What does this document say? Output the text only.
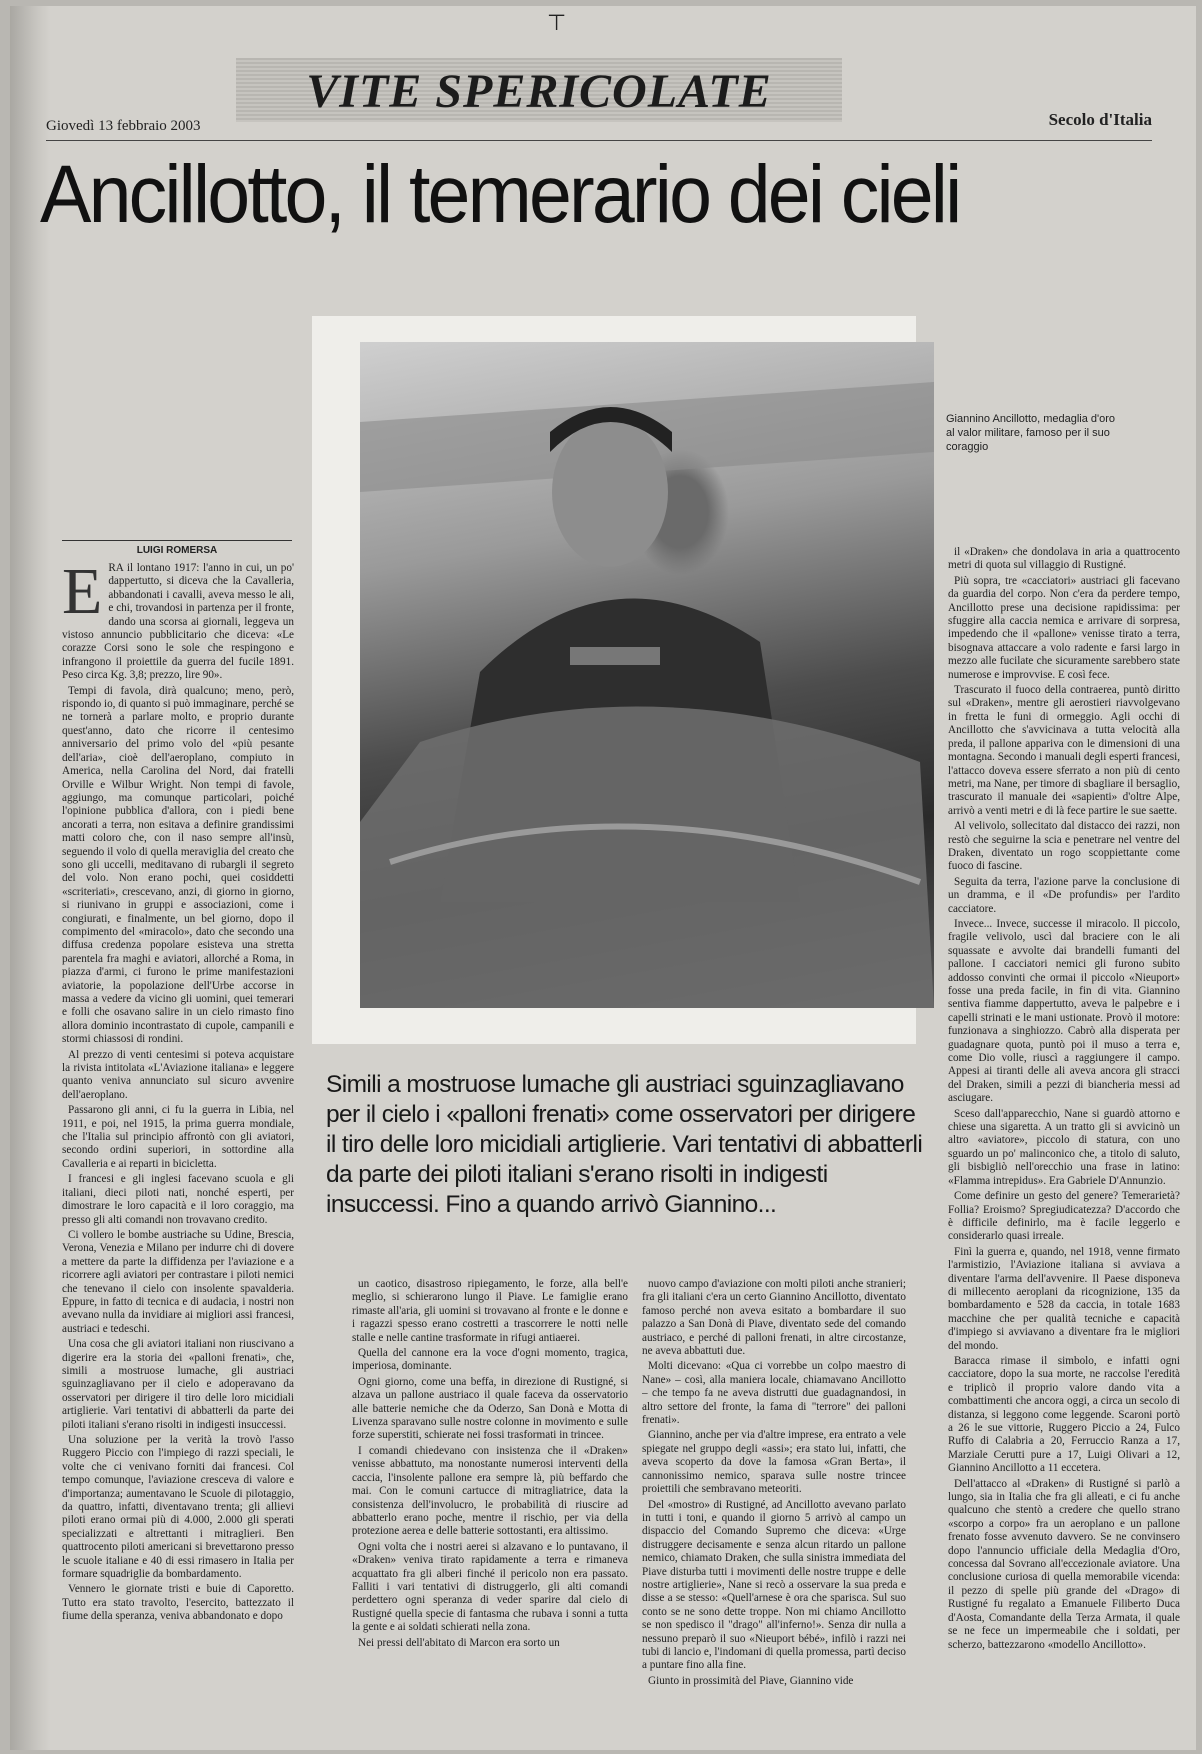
⊤
VITE SPERICOLATE
Giovedì 13 febbraio 2003	Secolo d'Italia
Ancillotto, il temerario dei cieli
Giannino Ancillotto, medaglia d'oro al valor militare, famoso per il suo coraggio
LUIGI ROMERSA

ERA il lontano 1917: l'anno in cui, un po' dappertutto, si diceva che la Cavalleria, abbandonati i cavalli, aveva messo le ali, e chi, trovandosi in partenza per il fronte, dando una scorsa ai giornali, leggeva un vistoso annuncio pubblicitario che diceva: «Le corazze Corsi sono le sole che respingono e infrangono il proiettile da guerra del fucile 1891. Peso circa Kg. 3,8; prezzo, lire 90».

Tempi di favola, dirà qualcuno; meno, però, rispondo io, di quanto si può immaginare, perché se ne tornerà a parlare molto, e proprio durante quest'anno, dato che ricorre il centesimo anniversario del primo volo del «più pesante dell'aria», cioè dell'aeroplano, compiuto in America, nella Carolina del Nord, dai fratelli Orville e Wilbur Wright. Non tempi di favole, aggiungo, ma comunque particolari, poiché l'opinione pubblica d'allora, con i piedi bene ancorati a terra, non esitava a definire grandissimi matti coloro che, con il naso sempre all'insù, seguendo il volo di quella meraviglia del creato che sono gli uccelli, meditavano di rubargli il segreto del volo. Non erano pochi, quei cosiddetti «scriteriati», crescevano, anzi, di giorno in giorno, si riunivano in gruppi e associazioni, come i congiurati, e finalmente, un bel giorno, dopo il compimento del «miracolo», dato che secondo una diffusa credenza popolare esisteva una stretta parentela fra maghi e aviatori, allorché a Roma, in piazza d'armi, ci furono le prime manifestazioni aviatorie, la popolazione dell'Urbe accorse in massa a vedere da vicino gli uomini, quei temerari e folli che osavano salire in un cielo rimasto fino allora dominio incontrastato di cupole, campanili e stormi chiassosi di rondini.

Al prezzo di venti centesimi si poteva acquistare la rivista intitolata «L'Aviazione italiana» e leggere quanto veniva annunciato sul sicuro avvenire dell'aeroplano.

Passarono gli anni, ci fu la guerra in Libia, nel 1911, e poi, nel 1915, la prima guerra mondiale, che l'Italia sul principio affrontò con gli aviatori, secondo ordini superiori, in sottordine alla Cavalleria e ai reparti in bicicletta.

I francesi e gli inglesi facevano scuola e gli italiani, dieci piloti nati, nonché esperti, per dimostrare le loro capacità e il loro coraggio, ma presso gli alti comandi non trovavano credito.

Ci vollero le bombe austriache su Udine, Brescia, Verona, Venezia e Milano per indurre chi di dovere a mettere da parte la diffidenza per l'aviazione e a ricorrere agli aviatori per contrastare i piloti nemici che tenevano il cielo con insolente spavalderia. Eppure, in fatto di tecnica e di audacia, i nostri non avevano nulla da invidiare ai migliori assi francesi, austriaci e tedeschi.

Una cosa che gli aviatori italiani non riuscivano a digerire era la storia dei «palloni frenati», che, simili a mostruose lumache, gli austriaci sguinzagliavano per il cielo e adoperavano da osservatori per dirigere il tiro delle loro micidiali artiglierie. Vari tentativi di abbatterli da parte dei piloti italiani s'erano risolti in indigesti insuccessi.

Una soluzione per la verità la trovò l'asso Ruggero Piccio con l'impiego di razzi speciali, le volte che ci venivano forniti dai francesi. Col tempo comunque, l'aviazione cresceva di valore e d'importanza; aumentavano le Scuole di pilotaggio, da quattro, infatti, diventavano trenta; gli allievi piloti erano ormai più di 4.000, 2.000 gli sperati specializzati e altrettanti i mitraglieri. Ben quattrocento piloti americani si brevettarono presso le scuole italiane e 40 di essi rimasero in Italia per formare squadriglie da bombardamento.

Vennero le giornate tristi e buie di Caporetto. Tutto era stato travolto, l'esercito, battezzato il fiume della speranza, veniva abbandonato e dopo

un caotico, disastroso ripiegamento, le forze, alla bell'e meglio, si schierarono lungo il Piave. Le famiglie erano rimaste all'aria, gli uomini si trovavano al fronte e le donne e i ragazzi spesso erano costretti a trascorrere le notti nelle stalle e nelle cantine trasformate in rifugi antiaerei.

Quella del cannone era la voce d'ogni momento, tragica, imperiosa, dominante.

Ogni giorno, come una beffa, in direzione di Rustigné, si alzava un pallone austriaco il quale faceva da osservatorio alle batterie nemiche che da Oderzo, San Donà e Motta di Livenza sparavano sulle nostre colonne in movimento e sulle forze superstiti, schierate nei fossi trasformati in trincee.

I comandi chiedevano con insistenza che il «Draken» venisse abbattuto, ma nonostante numerosi interventi della caccia, l'insolente pallone era sempre là, più beffardo che mai. Con le comuni cartucce di mitragliatrice, data la consistenza dell'involucro, le probabilità di riuscire ad abbatterlo erano poche, mentre il rischio, per via della protezione aerea e delle batterie sottostanti, era altissimo.

Ogni volta che i nostri aerei si alzavano e lo puntavano, il «Draken» veniva tirato rapidamente a terra e rimaneva acquattato fra gli alberi finché il pericolo non era passato. Falliti i vari tentativi di distruggerlo, gli alti comandi perdettero ogni speranza di veder sparire dal cielo di Rustigné quella specie di fantasma che rubava i sonni a tutta la gente e ai soldati schierati nella zona.

Nei pressi dell'abitato di Marcon era sorto un

nuovo campo d'aviazione con molti piloti anche stranieri; fra gli italiani c'era un certo Giannino Ancillotto, diventato famoso perché non aveva esitato a bombardare il suo palazzo a San Donà di Piave, diventato sede del comando austriaco, e perché di palloni frenati, in altre circostanze, ne aveva abbattuti due.

Molti dicevano: «Qua ci vorrebbe un colpo maestro di Nane» – così, alla maniera locale, chiamavano Ancillotto – che tempo fa ne aveva distrutti due guadagnandosi, in altro settore del fronte, la fama di "terrore" dei palloni frenati».

Giannino, anche per via d'altre imprese, era entrato a vele spiegate nel gruppo degli «assi»; era stato lui, infatti, che aveva scoperto da dove la famosa «Gran Berta», il cannonissimo nemico, sparava sulle nostre trincee proiettili che sembravano meteoriti.

Del «mostro» di Rustigné, ad Ancillotto avevano parlato in tutti i toni, e quando il giorno 5 arrivò al campo un dispaccio del Comando Supremo che diceva: «Urge distruggere decisamente e senza alcun ritardo un pallone nemico, chiamato Draken, che sulla sinistra immediata del Piave disturba tutti i movimenti delle nostre truppe e delle nostre artiglierie», Nane si recò a osservare la sua preda e disse a se stesso: «Quell'arnese è ora che sparisca. Sul suo conto se ne sono dette troppe. Non mi chiamo Ancillotto se non spedisco il "drago" all'inferno!». Senza dir nulla a nessuno preparò il suo «Nieuport bébé», infilò i razzi nei tubi di lancio e, l'indomani di quella promessa, partì deciso a puntare fino alla fine.

Giunto in prossimità del Piave, Giannino vide

il «Draken» che dondolava in aria a quattrocento metri di quota sul villaggio di Rustigné.

Più sopra, tre «cacciatori» austriaci gli facevano da guardia del corpo. Non c'era da perdere tempo, Ancillotto prese una decisione rapidissima: per sfuggire alla caccia nemica e arrivare di sorpresa, impedendo che il «pallone» venisse tirato a terra, bisognava attaccare a volo radente e farsi largo in mezzo alle fucilate che sicuramente sarebbero state numerose e improvvise. E così fece.

Trascurato il fuoco della contraerea, puntò diritto sul «Draken», mentre gli aerostieri riavvolgevano in fretta le funi di ormeggio. Agli occhi di Ancillotto che s'avvicinava a tutta velocità alla preda, il pallone appariva con le dimensioni di una montagna. Secondo i manuali degli esperti francesi, l'attacco doveva essere sferrato a non più di cento metri, ma Nane, per timore di sbagliare il bersaglio, trascurato il manuale dei «sapienti» d'oltre Alpe, arrivò a venti metri e di là fece partire le sue saette.

Al velivolo, sollecitato dal distacco dei razzi, non restò che seguirne la scia e penetrare nel ventre del Draken, diventato un rogo scoppiettante come fuoco di fascine.

Seguita da terra, l'azione parve la conclusione di un dramma, e il «De profundis» per l'ardito cacciatore.

Invece... Invece, successe il miracolo. Il piccolo, fragile velivolo, uscì dal braciere con le ali squassate e avvolte dai brandelli fumanti del pallone. I cacciatori nemici gli furono subito addosso convinti che ormai il piccolo «Nieuport» fosse una preda facile, in fin di vita. Giannino sentiva fiamme dappertutto, aveva le palpebre e i capelli strinati e le mani ustionate. Provò il motore: funzionava a singhiozzo. Cabrò alla disperata per guadagnare quota, puntò poi il muso a terra e, come Dio volle, riuscì a raggiungere il campo. Appesi ai tiranti delle ali aveva ancora gli stracci del Draken, simili a pezzi di biancheria messi ad asciugare.

Sceso dall'apparecchio, Nane si guardò attorno e chiese una sigaretta. A un tratto gli si avvicinò un altro «aviatore», piccolo di statura, con uno sguardo un po' malinconico che, a titolo di saluto, gli bisbigliò nell'orecchio una frase in latino: «Flamma intrepidus». Era Gabriele D'Annunzio.

Come definire un gesto del genere? Temerarietà? Follia? Eroismo? Spregiudicatezza? D'accordo che è difficile definirlo, ma è facile leggerlo e considerarlo quasi irreale.

Finì la guerra e, quando, nel 1918, venne firmato l'armistizio, l'Aviazione italiana si avviava a diventare l'arma dell'avvenire. Il Paese disponeva di millecento aeroplani da ricognizione, 135 da bombardamento e 528 da caccia, in totale 1683 macchine che per qualità tecniche e capacità d'impiego si avviavano a diventare fra le migliori del mondo.

Baracca rimase il simbolo, e infatti ogni cacciatore, dopo la sua morte, ne raccolse l'eredità e triplicò il proprio valore dando vita a combattimenti che ancora oggi, a circa un secolo di distanza, si leggono come leggende. Scaroni portò a 26 le sue vittorie, Ruggero Piccio a 24, Fulco Ruffo di Calabria a 20, Ferruccio Ranza a 17, Marziale Cerutti pure a 17, Luigi Olivari a 12, Giannino Ancillotto a 11 eccetera.

Dell'attacco al «Draken» di Rustigné si parlò a lungo, sia in Italia che fra gli alleati, e ci fu anche qualcuno che stentò a credere che quello strano «scorpo a corpo» fra un aeroplano e un pallone frenato fosse avvenuto davvero. Se ne convinsero dopo l'annuncio ufficiale della Medaglia d'Oro, concessa dal Sovrano all'eccezionale aviatore. Una conclusione curiosa di quella memorabile vicenda: il pezzo di spelle più grande del «Drago» di Rustigné fu regalato a Emanuele Filiberto Duca d'Aosta, Comandante della Terza Armata, il quale se ne fece un impermeabile che i soldati, per scherzo, battezzarono «modello Ancillotto».

Simili a mostruose lumache gli austriaci sguinzagliavano per il cielo i «palloni frenati» come osservatori per dirigere il tiro delle loro micidiali artiglierie. Vari tentativi di abbatterli da parte dei piloti italiani s'erano risolti in indigesti insuccessi. Fino a quando arrivò Giannino...
